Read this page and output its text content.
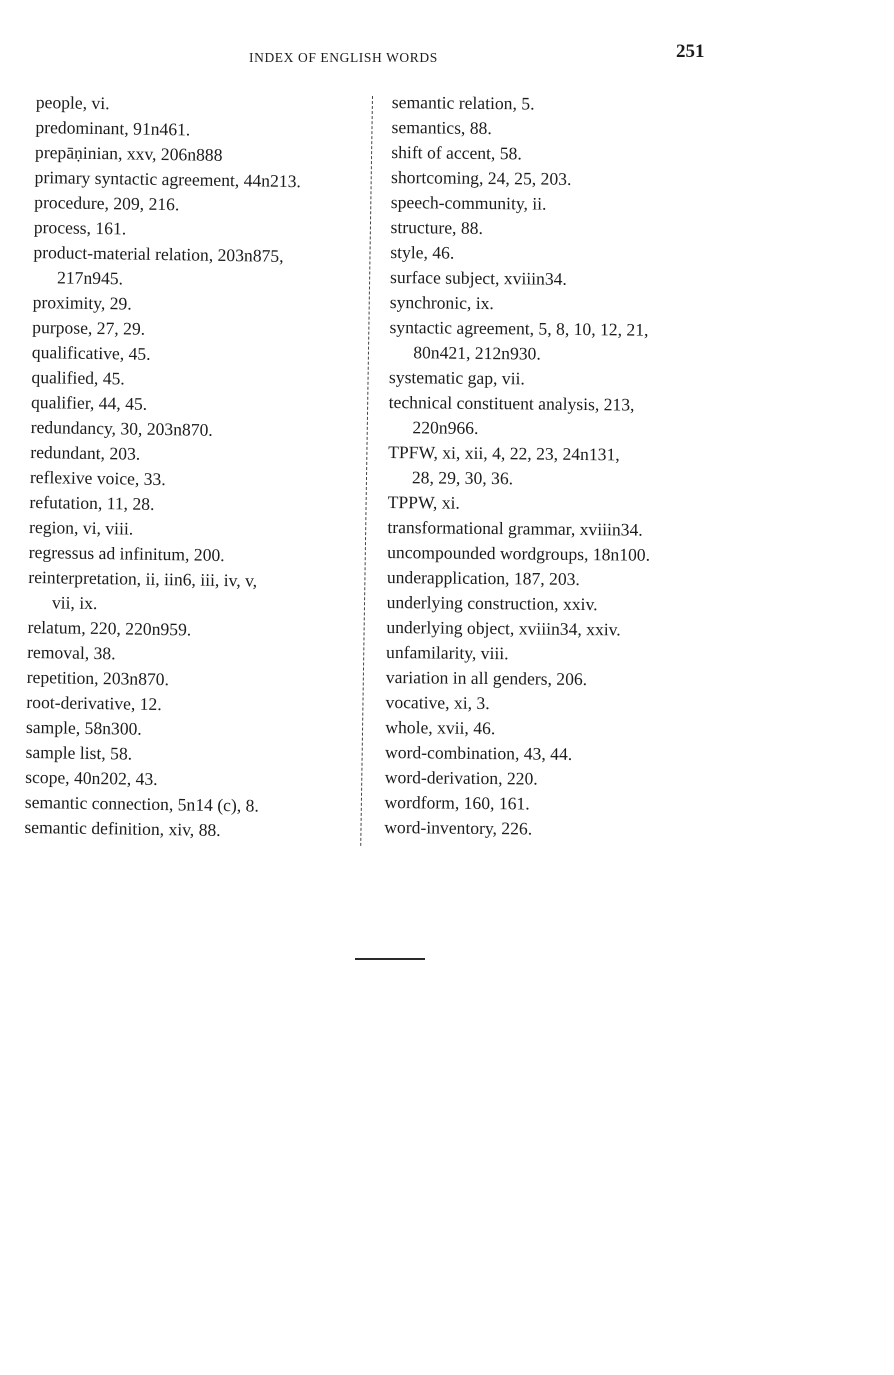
INDEX OF ENGLISH WORDS	251
people, vi.
predominant, 91n461.
prepāṇinian, xxv, 206n888
primary syntactic agreement, 44n213.
procedure, 209, 216.
process, 161.
product-material relation, 203n875,
217n945.
proximity, 29.
purpose, 27, 29.
qualificative, 45.
qualified, 45.
qualifier, 44, 45.
redundancy, 30, 203n870.
redundant, 203.
reflexive voice, 33.
refutation, 11, 28.
region, vi, viii.
regressus ad infinitum, 200.
reinterpretation, ii, iin6, iii, iv, v,
vii, ix.
relatum, 220, 220n959.
removal, 38.
repetition, 203n870.
root-derivative, 12.
sample, 58n300.
sample list, 58.
scope, 40n202, 43.
semantic connection, 5n14 (c), 8.
semantic definition, xiv, 88.
semantic relation, 5.
semantics, 88.
shift of accent, 58.
shortcoming, 24, 25, 203.
speech-community, ii.
structure, 88.
style, 46.
surface subject, xviiin34.
synchronic, ix.
syntactic agreement, 5, 8, 10, 12, 21,
80n421, 212n930.
systematic gap, vii.
technical constituent analysis, 213,
220n966.
TPFW, xi, xii, 4, 22, 23, 24n131,
28, 29, 30, 36.
TPPW, xi.
transformational grammar, xviiin34.
uncompounded wordgroups, 18n100.
underapplication, 187, 203.
underlying construction, xxiv.
underlying object, xviiin34, xxiv.
unfamilarity, viii.
variation in all genders, 206.
vocative, xi, 3.
whole, xvii, 46.
word-combination, 43, 44.
word-derivation, 220.
wordform, 160, 161.
word-inventory, 226.
